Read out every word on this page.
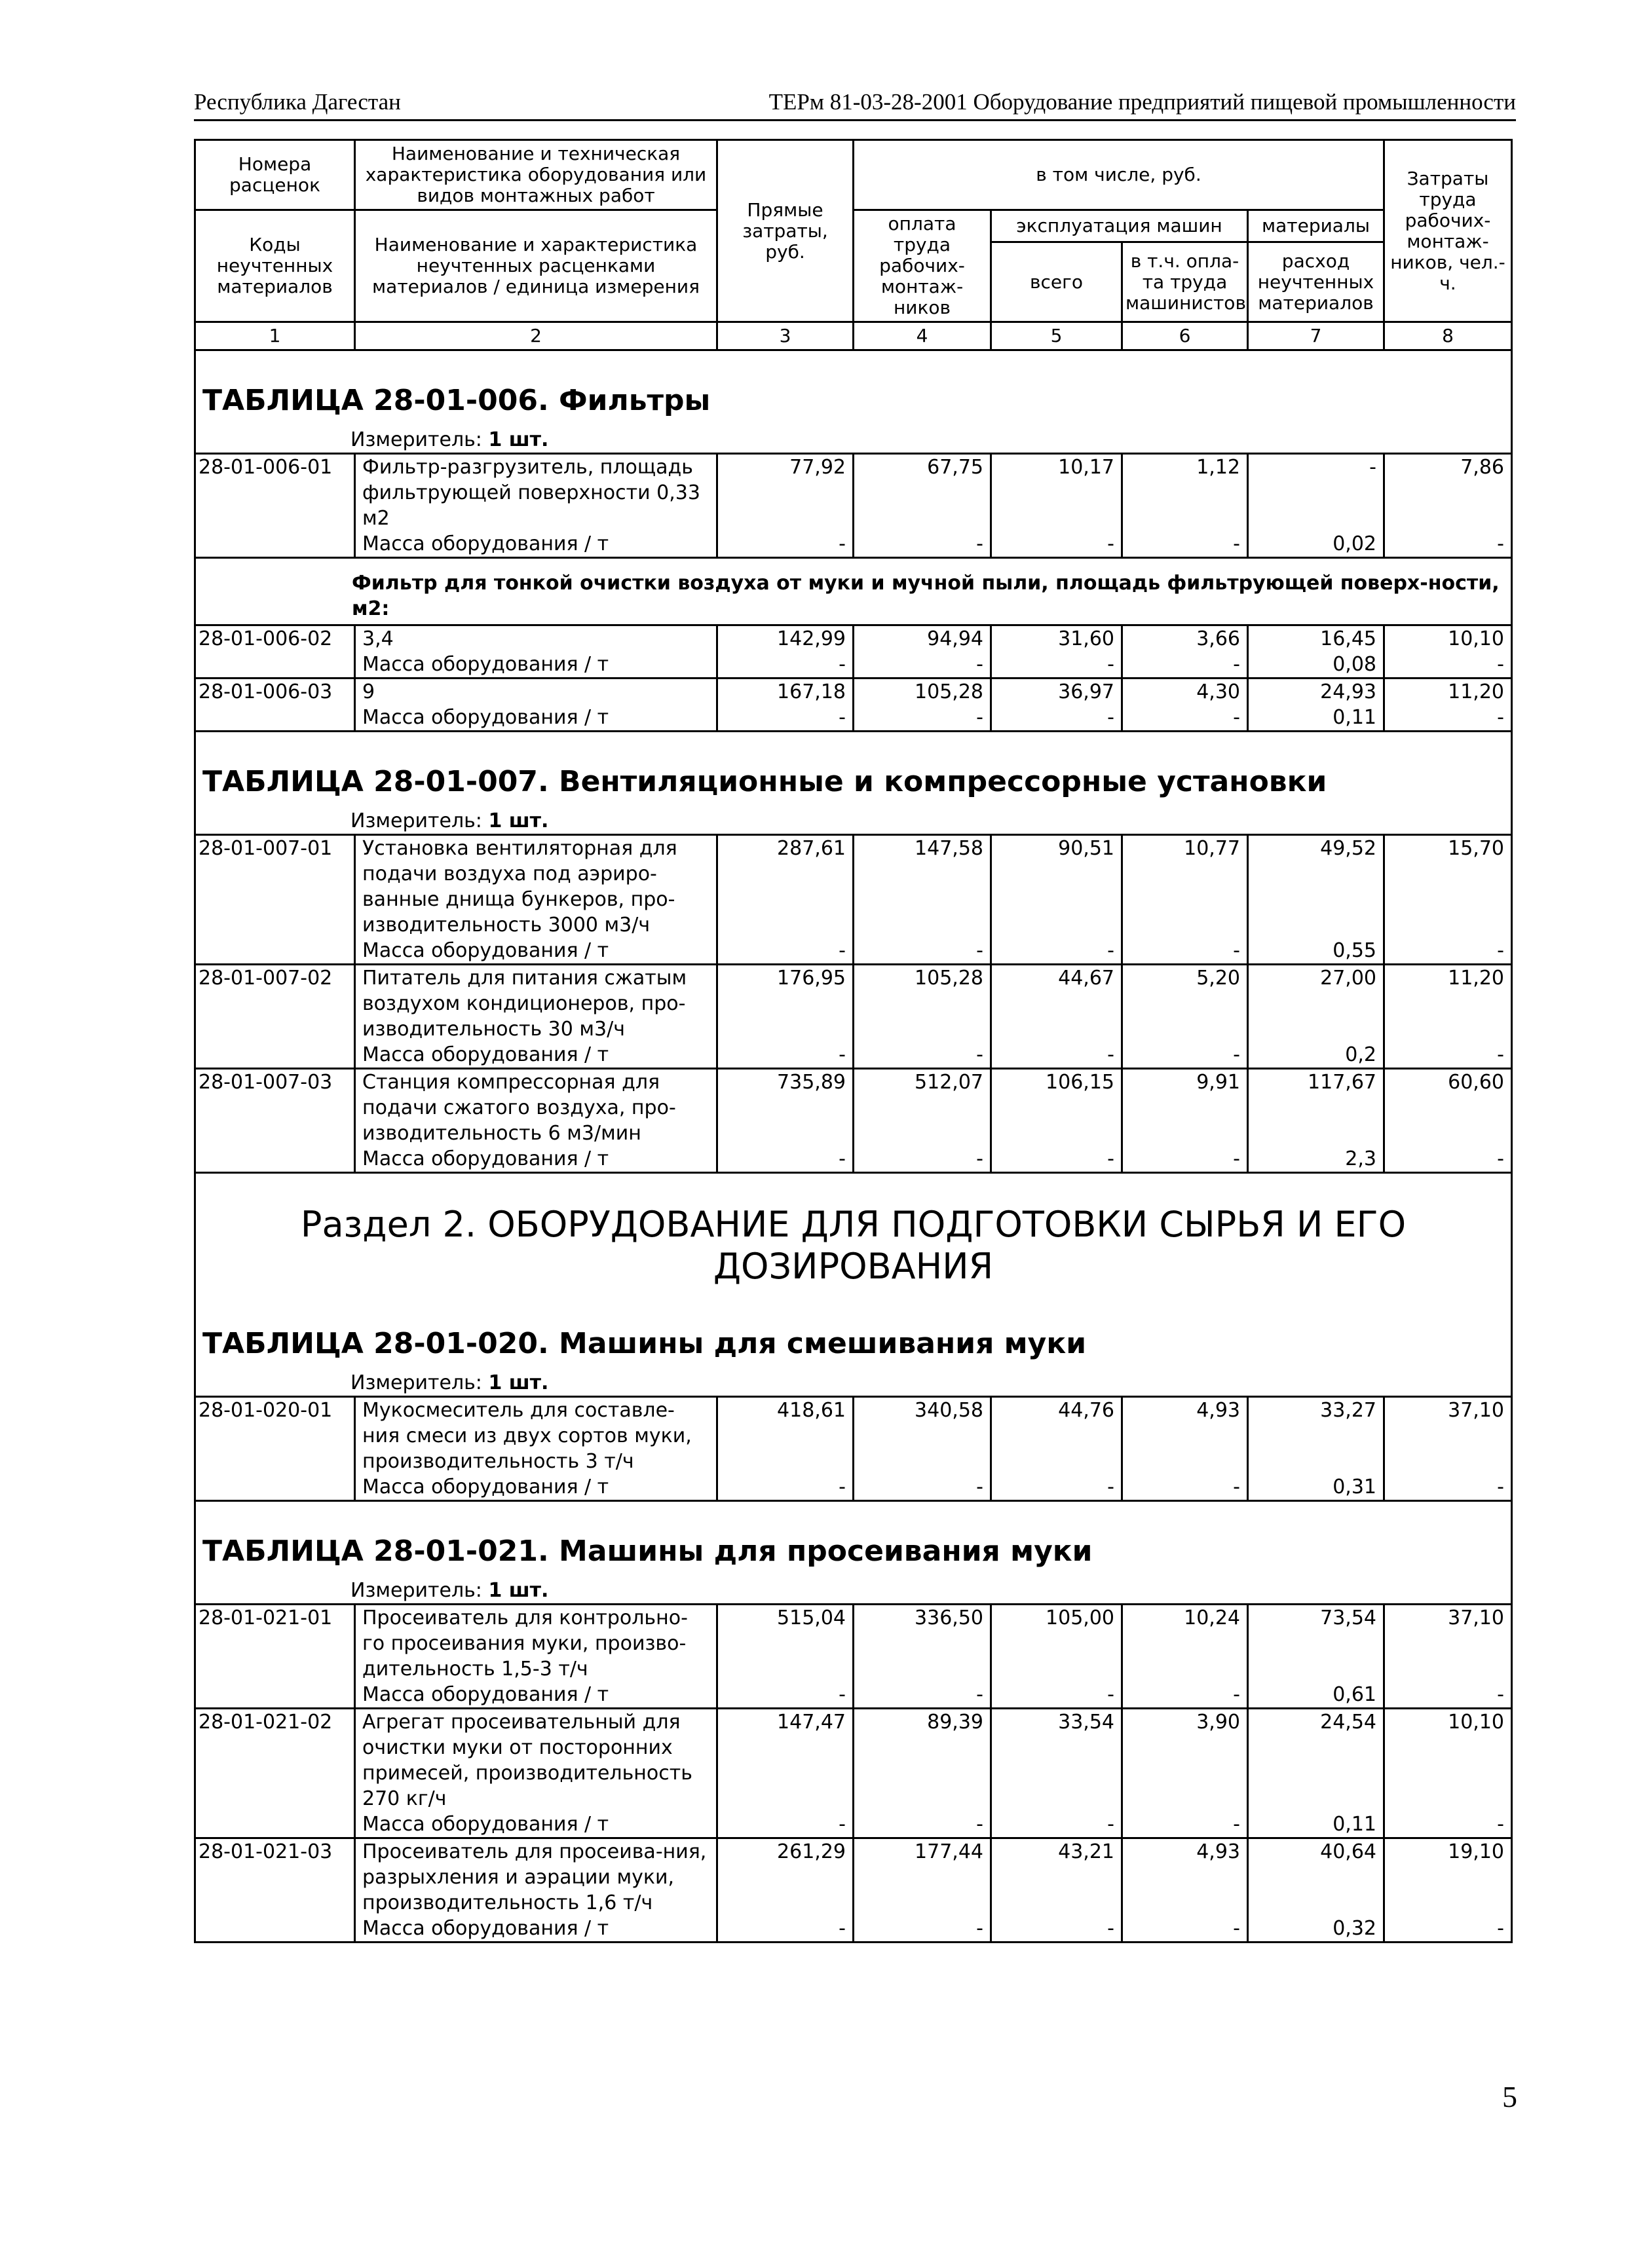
Республика Дагестан	ТЕРм 81-03-28-2001 Оборудование предприятий пищевой промышленности
Номера расценок	Наименование и техническая характеристика оборудования или видов монтажных работ	Прямые затраты, руб.	в том числе, руб.				Затраты труда рабочих-монтаж-ников, чел.-ч.
Коды неучтенных материалов	Наименование и характеристика неучтенных расценками материалов / единица измерения		оплата труда рабочих-монтаж-ников	эксплуатация машин		материалы	
				всего	в т.ч. опла-та труда машинистов	расход неучтенных материалов	
1	2	3	4	5	6	7	8

ТАБЛИЦА 28-01-006. Фильтры							

Измеритель: 1 шт.							

28-01-006-01	Фильтр-разгрузитель, площадь фильтрующей поверхности 0,33 м2	77,92	67,75	10,17	1,12	-	7,86
	Масса оборудования / т	-	-	-	-	0,02	-

Фильтр для тонкой очистки воздуха от муки и мучной пыли, площадь фильтрующей поверх-ности, м2:							

28-01-006-02	3,4	142,99	94,94	31,60	3,66	16,45	10,10
	Масса оборудования / т	-	-	-	-	0,08	-
28-01-006-03	9	167,18	105,28	36,97	4,30	24,93	11,20
	Масса оборудования / т	-	-	-	-	0,11	-

ТАБЛИЦА 28-01-007. Вентиляционные и компрессорные установки							

Измеритель: 1 шт.							

28-01-007-01	Установка вентиляторная для подачи воздуха под аэриро-ванные днища бункеров, про-изводительность 3000 м3/ч	287,61	147,58	90,51	10,77	49,52	15,70
	Масса оборудования / т	-	-	-	-	0,55	-
28-01-007-02	Питатель для питания сжатым воздухом кондиционеров, про-изводительность 30 м3/ч	176,95	105,28	44,67	5,20	27,00	11,20
	Масса оборудования / т	-	-	-	-	0,2	-
28-01-007-03	Станция компрессорная для подачи сжатого воздуха, про-изводительность 6 м3/мин	735,89	512,07	106,15	9,91	117,67	60,60
	Масса оборудования / т	-	-	-	-	2,3	-

Раздел 2. ОБОРУДОВАНИЕ ДЛЯ ПОДГОТОВКИ СЫРЬЯ И ЕГО ДОЗИРОВАНИЯ							

ТАБЛИЦА 28-01-020. Машины для смешивания муки							

Измеритель: 1 шт.							

28-01-020-01	Мукосмеситель для составле-ния смеси из двух сортов муки, производительность 3 т/ч	418,61	340,58	44,76	4,93	33,27	37,10
	Масса оборудования / т	-	-	-	-	0,31	-

ТАБЛИЦА 28-01-021. Машины для просеивания муки							

Измеритель: 1 шт.							

28-01-021-01	Просеиватель для контрольно-го просеивания муки, произво-дительность 1,5-3 т/ч	515,04	336,50	105,00	10,24	73,54	37,10
	Масса оборудования / т	-	-	-	-	0,61	-
28-01-021-02	Агрегат просеивательный для очистки муки от посторонних примесей, производительность 270 кг/ч	147,47	89,39	33,54	3,90	24,54	10,10
	Масса оборудования / т	-	-	-	-	0,11	-
28-01-021-03	Просеиватель для просеива-ния, разрыхления и аэрации муки, производительность 1,6 т/ч	261,29	177,44	43,21	4,93	40,64	19,10
	Масса оборудования / т	-	-	-	-	0,32	-
5
